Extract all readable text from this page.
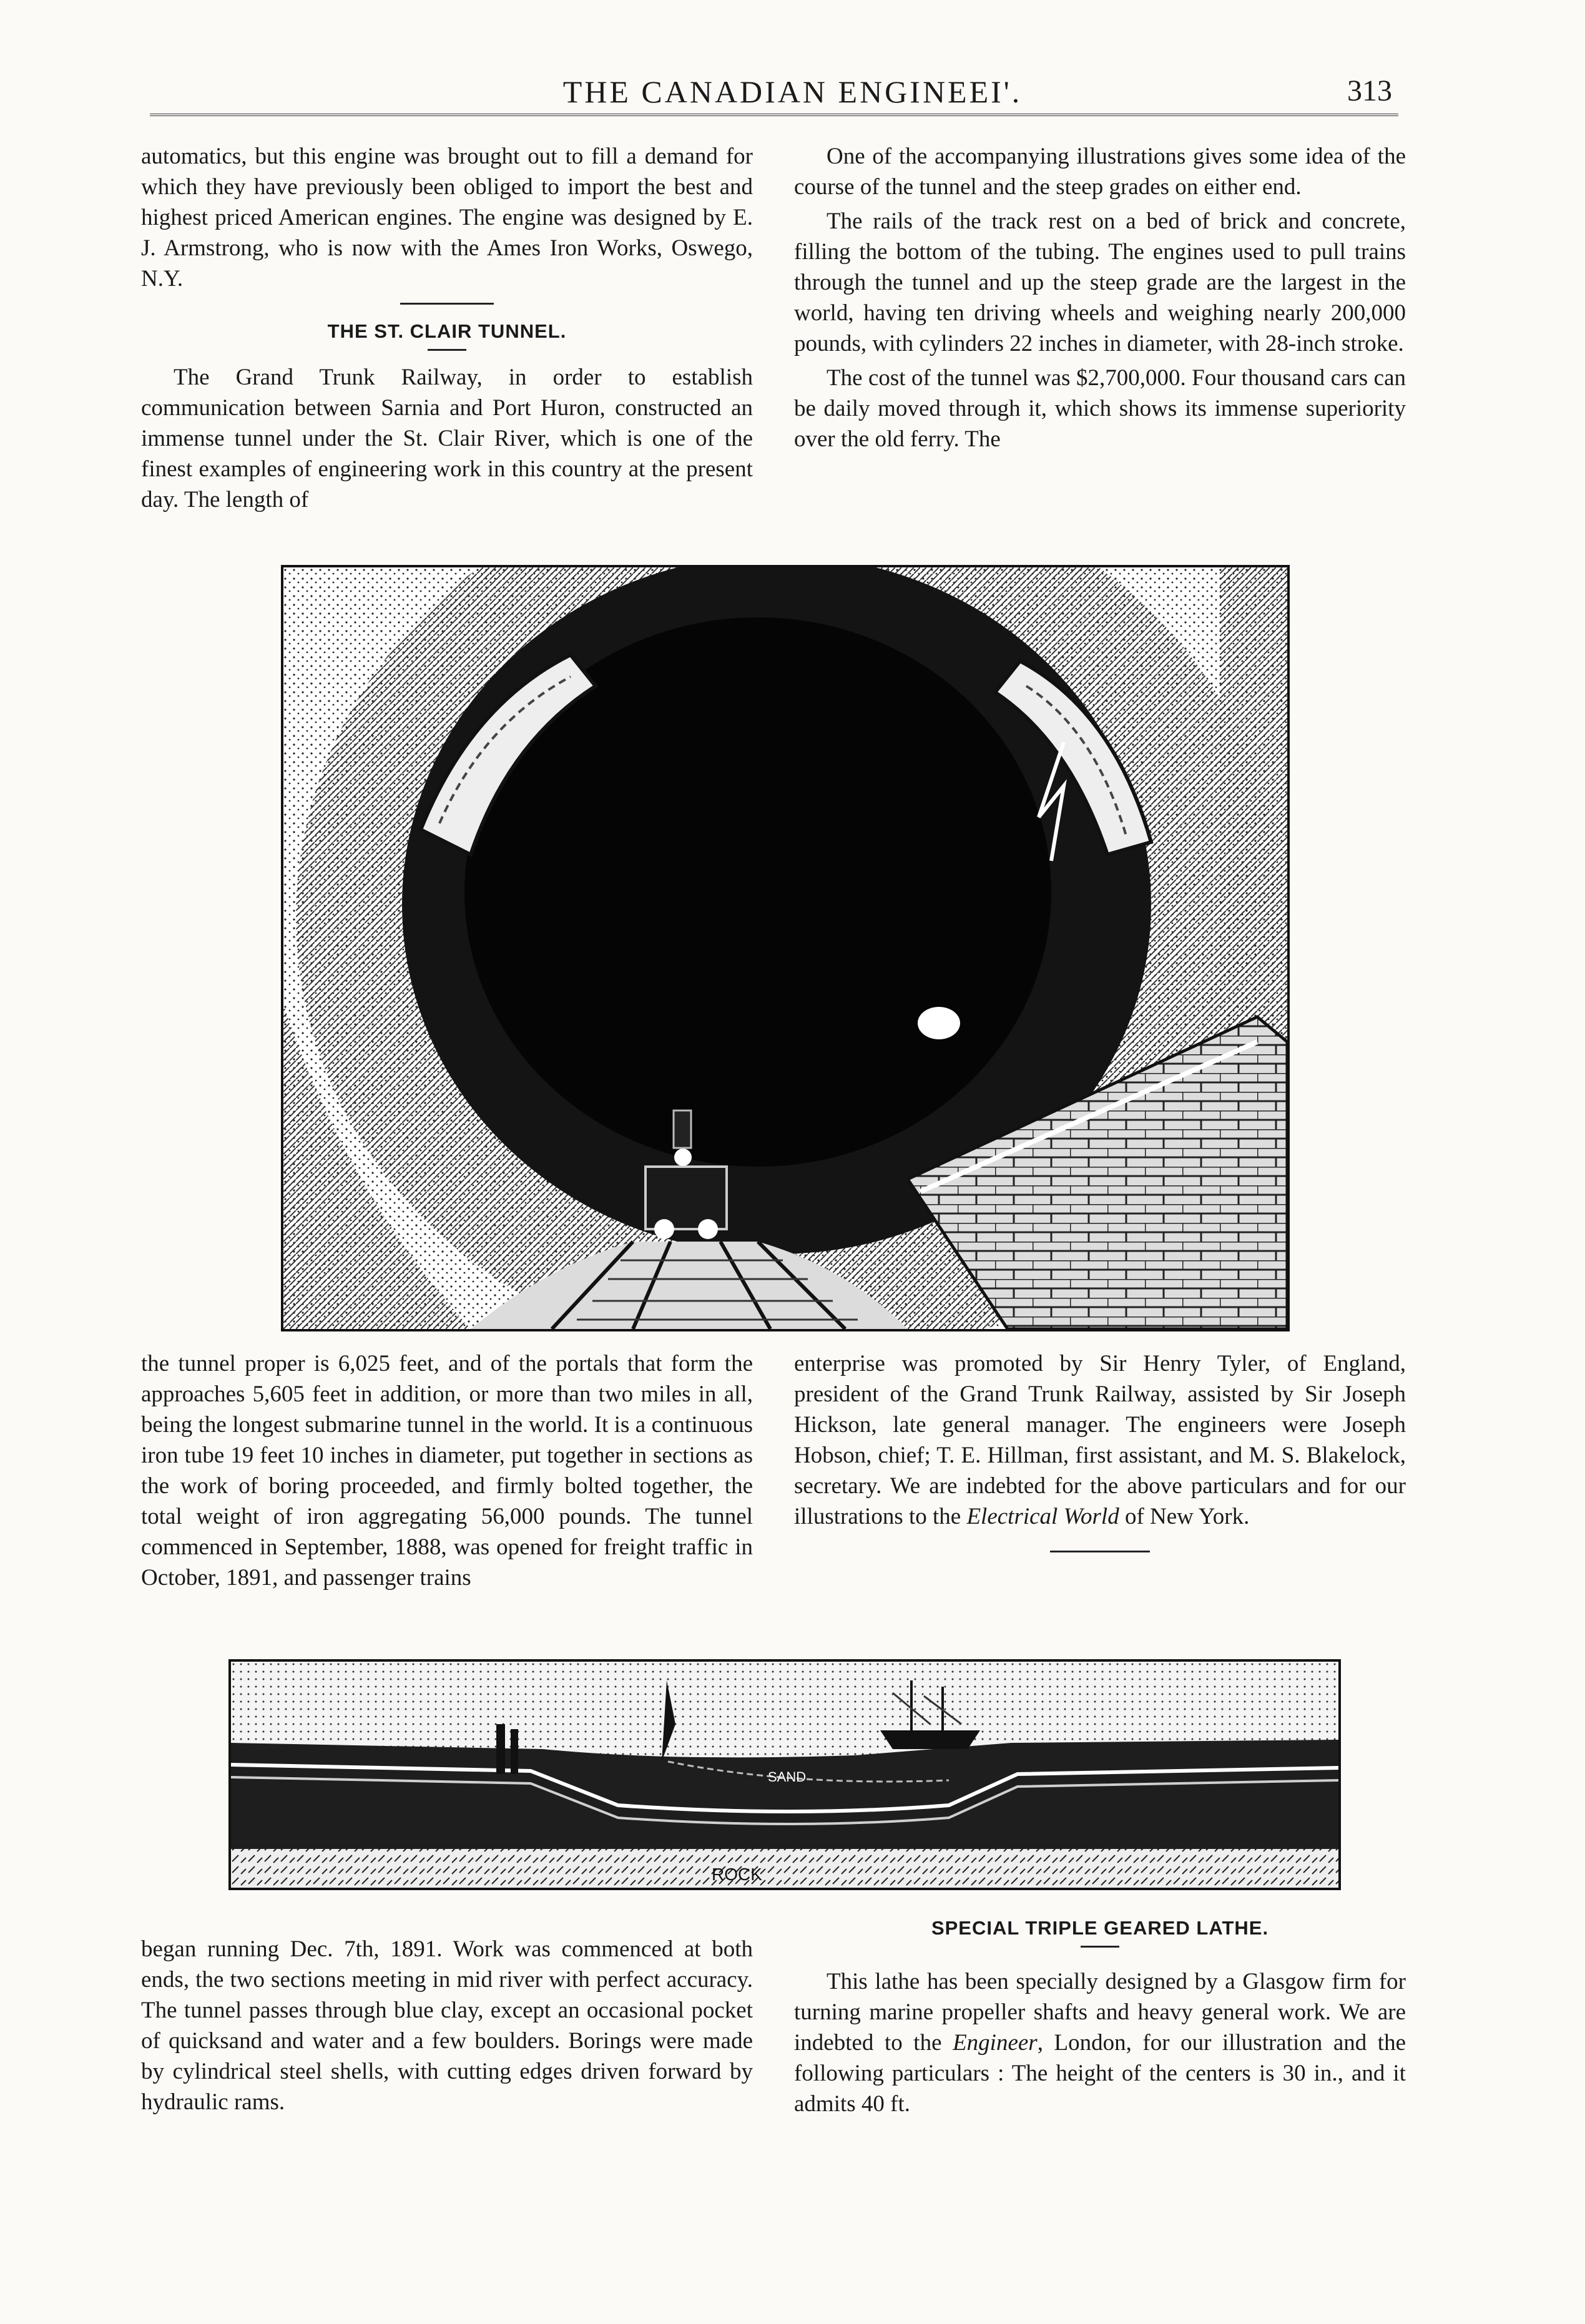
THE CANADIAN ENGINEEI'.	313

automatics, but this engine was brought out to fill a demand for which they have previously been obliged to import the best and highest priced American engines. The engine was designed by E. J. Armstrong, who is now with the Ames Iron Works, Oswego, N.Y.

THE ST. CLAIR TUNNEL.

The Grand Trunk Railway, in order to establish communication between Sarnia and Port Huron, constructed an immense tunnel under the St. Clair River, which is one of the finest examples of engineering work in this country at the present day. The length of

One of the accompanying illustrations gives some idea of the course of the tunnel and the steep grades on either end.

The rails of the track rest on a bed of brick and concrete, filling the bottom of the tubing. The engines used to pull trains through the tunnel and up the steep grade are the largest in the world, having ten driving wheels and weighing nearly 200,000 pounds, with cylinders 22 inches in diameter, with 28-inch stroke.

The cost of the tunnel was $2,700,000. Four thousand cars can be daily moved through it, which shows its immense superiority over the old ferry. The

the tunnel proper is 6,025 feet, and of the portals that form the approaches 5,605 feet in addition, or more than two miles in all, being the longest submarine tunnel in the world. It is a continuous iron tube 19 feet 10 inches in diameter, put together in sections as the work of boring proceeded, and firmly bolted together, the total weight of iron aggregating 56,000 pounds. The tunnel commenced in September, 1888, was opened for freight traffic in October, 1891, and passenger trains

enterprise was promoted by Sir Henry Tyler, of England, president of the Grand Trunk Railway, assisted by Sir Joseph Hickson, late general manager. The engineers were Joseph Hobson, chief; T. E. Hillman, first assistant, and M. S. Blakelock, secretary. We are indebted for the above particulars and for our illustrations to the Electrical World of New York.

SAND
ROCK

began running Dec. 7th, 1891. Work was commenced at both ends, the two sections meeting in mid river with perfect accuracy. The tunnel passes through blue clay, except an occasional pocket of quicksand and water and a few boulders. Borings were made by cylindrical steel shells, with cutting edges driven forward by hydraulic rams.

SPECIAL TRIPLE GEARED LATHE.

This lathe has been specially designed by a Glasgow firm for turning marine propeller shafts and heavy general work. We are indebted to the Engineer, London, for our illustration and the following particulars : The height of the centers is 30 in., and it admits 40 ft.
